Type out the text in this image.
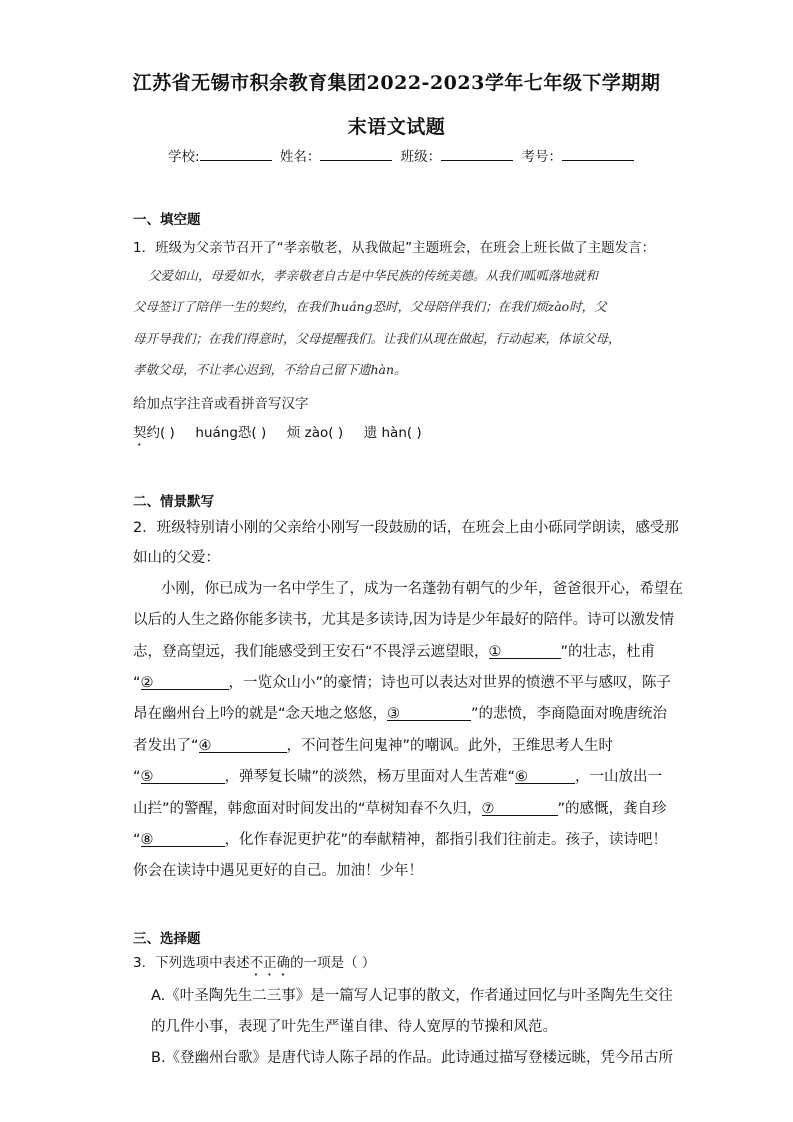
江苏省无锡市积余教育集团2022-2023学年七年级下学期期
末语文试题
学校:	姓名：	班级：	考号：
一、填空题
1．班级为父亲节召开了“孝亲敬老，从我做起”主题班会，在班会上班长做了主题发言：
父爱如山，母爱如水，孝亲敬老自古是中华民族的传统美德。从我们呱呱落地就和
父母签订了陪伴一生的契约，在我们huáng恐时，父母陪伴我们；在我们烦zào时，父
母开导我们；在我们得意时，父母提醒我们。让我们从现在做起，行动起来，体谅父母，
孝敬父母，不让孝心迟到，不给自己留下遗hàn。
给加点字注音或看拼音写汉字
契约( ) huáng恐( ) 烦 zào( ) 遗 hàn( )
二、情景默写
2．班级特别请小刚的父亲给小刚写一段鼓励的话，在班会上由小砾同学朗读，感受那
如山的父爱：
小刚，你已成为一名中学生了，成为一名蓬勃有朝气的少年，爸爸很开心，希望在
以后的人生之路你能多读书，尤其是多读诗,因为诗是少年最好的陪伴。诗可以激发情
志，登高望远，我们能感受到王安石“不畏浮云遮望眼，①	”的壮志，杜甫
“②	，一览众山小”的豪情；诗也可以表达对世界的愤懑不平与感叹，陈子
昂在幽州台上吟的就是“念天地之悠悠，③	”的悲愤，李商隐面对晚唐统治
者发出了“④	，不问苍生问鬼神”的嘲讽。此外，王维思考人生时
“⑤	，弹琴复长啸”的淡然，杨万里面对人生苦难“⑥	，一山放出一
山拦”的警醒，韩愈面对时间发出的“草树知春不久归，⑦	”的感慨，龚自珍
“⑧	，化作春泥更护花”的奉献精神，都指引我们往前走。孩子，读诗吧！
你会在读诗中遇见更好的自己。加油！少年！
三、选择题
3．下列选项中表述不正确的一项是（ ）
A.《叶圣陶先生二三事》是一篇写人记事的散文，作者通过回忆与叶圣陶先生交往
的几件小事，表现了叶先生严谨自律、待人宽厚的节操和风范。
B.《登幽州台歌》是唐代诗人陈子昂的作品。此诗通过描写登楼远眺，凭今吊古所
